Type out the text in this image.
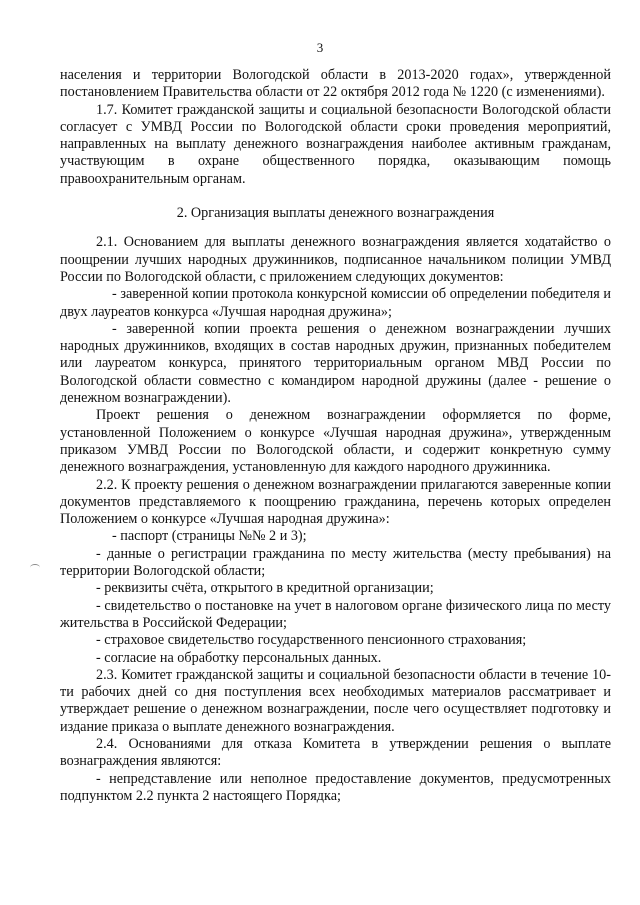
3

населения и территории Вологодской области в 2013-2020 годах», утвержденной постановлением Правительства области от 22 октября 2012 года № 1220 (с изменениями).

1.7. Комитет гражданской защиты и социальной безопасности Вологодской области согласует с УМВД России по Вологодской области сроки проведения мероприятий, направленных на выплату денежного вознаграждения наиболее активным гражданам, участвующим в охране общественного порядка, оказывающим помощь правоохранительным органам.

2. Организация выплаты денежного вознаграждения

2.1. Основанием для выплаты денежного вознаграждения является ходатайство о поощрении лучших народных дружинников, подписанное начальником полиции УМВД России по Вологодской области, с приложением следующих документов:

- заверенной копии протокола конкурсной комиссии об определении победителя и двух лауреатов конкурса «Лучшая народная дружина»;

- заверенной копии проекта решения о денежном вознаграждении лучших народных дружинников, входящих в состав народных дружин, признанных победителем или лауреатом конкурса, принятого территориальным органом МВД России по Вологодской области совместно с командиром народной дружины (далее - решение о денежном вознаграждении).

Проект решения о денежном вознаграждении оформляется по форме, установленной Положением о конкурсе «Лучшая народная дружина», утвержденным приказом УМВД России по Вологодской области, и содержит конкретную сумму денежного вознаграждения, установленную для каждого народного дружинника.

2.2. К проекту решения о денежном вознаграждении прилагаются заверенные копии документов представляемого к поощрению гражданина, перечень которых определен Положением о конкурсе «Лучшая народная дружина»:

- паспорт (страницы №№ 2 и 3);

- данные о регистрации гражданина по месту жительства (месту пребывания) на территории Вологодской области;

- реквизиты счёта, открытого в кредитной организации;

- свидетельство о постановке на учет в налоговом органе физического лица по месту жительства в Российской Федерации;

- страховое свидетельство государственного пенсионного страхования;

- согласие на обработку персональных данных.

2.3. Комитет гражданской защиты и социальной безопасности области в течение 10-ти рабочих дней со дня поступления всех необходимых материалов рассматривает и утверждает решение о денежном вознаграждении, после чего осуществляет подготовку и издание приказа о выплате денежного вознаграждения.

2.4. Основаниями для отказа Комитета в утверждении решения о выплате вознаграждения являются:

- непредставление или неполное предоставление документов, предусмотренных подпунктом 2.2 пункта 2 настоящего Порядка;
